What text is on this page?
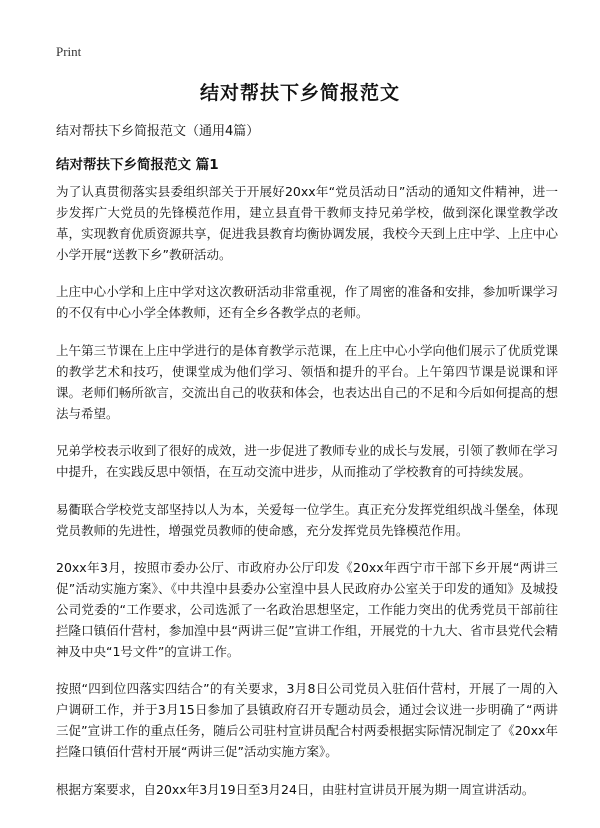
Print
结对帮扶下乡简报范文
结对帮扶下乡简报范文（通用4篇）
结对帮扶下乡简报范文 篇1

为了认真贯彻落实县委组织部关于开展好20xx年“党员活动日”活动的通知文件精神，进一步发挥广大党员的先锋模范作用，建立县直骨干教师支持兄弟学校，做到深化课堂教学改革，实现教育优质资源共享，促进我县教育均衡协调发展，我校今天到上庄中学、上庄中心小学开展“送教下乡”教研活动。

上庄中心小学和上庄中学对这次教研活动非常重视，作了周密的准备和安排，参加听课学习的不仅有中心小学全体教师，还有全乡各教学点的老师。

上午第三节课在上庄中学进行的是体育教学示范课，在上庄中心小学向他们展示了优质党课的教学艺术和技巧，使课堂成为他们学习、领悟和提升的平台。上午第四节课是说课和评课。老师们畅所欲言，交流出自己的收获和体会，也表达出自己的不足和今后如何提高的想法与希望。

兄弟学校表示收到了很好的成效，进一步促进了教师专业的成长与发展，引领了教师在学习中提升，在实践反思中领悟，在互动交流中进步，从而推动了学校教育的可持续发展。

易衢联合学校党支部坚持以人为本，关爱每一位学生。真正充分发挥党组织战斗堡垒，体现党员教师的先进性，增强党员教师的使命感，充分发挥党员先锋模范作用。

20xx年3月，按照市委办公厅、市政府办公厅印发《20xx年西宁市干部下乡开展“两讲三促”活动实施方案》、《中共湟中县委办公室湟中县人民政府办公室关于印发的通知》及城投公司党委的“工作要求，公司选派了一名政治思想坚定，工作能力突出的优秀党员干部前往拦隆口镇佰什营村，参加湟中县“两讲三促”宣讲工作组，开展党的十九大、省市县党代会精神及中央“1号文件”的宣讲工作。

按照“四到位四落实四结合”的有关要求，3月8日公司党员入驻佰什营村，开展了一周的入户调研工作，并于3月15日参加了县镇政府召开专题动员会，通过会议进一步明确了“两讲三促”宣讲工作的重点任务，随后公司驻村宣讲员配合村两委根据实际情况制定了《20xx年拦隆口镇佰什营村开展“两讲三促”活动实施方案》。

根据方案要求，自20xx年3月19日至3月24日，由驻村宣讲员开展为期一周宣讲活动。
